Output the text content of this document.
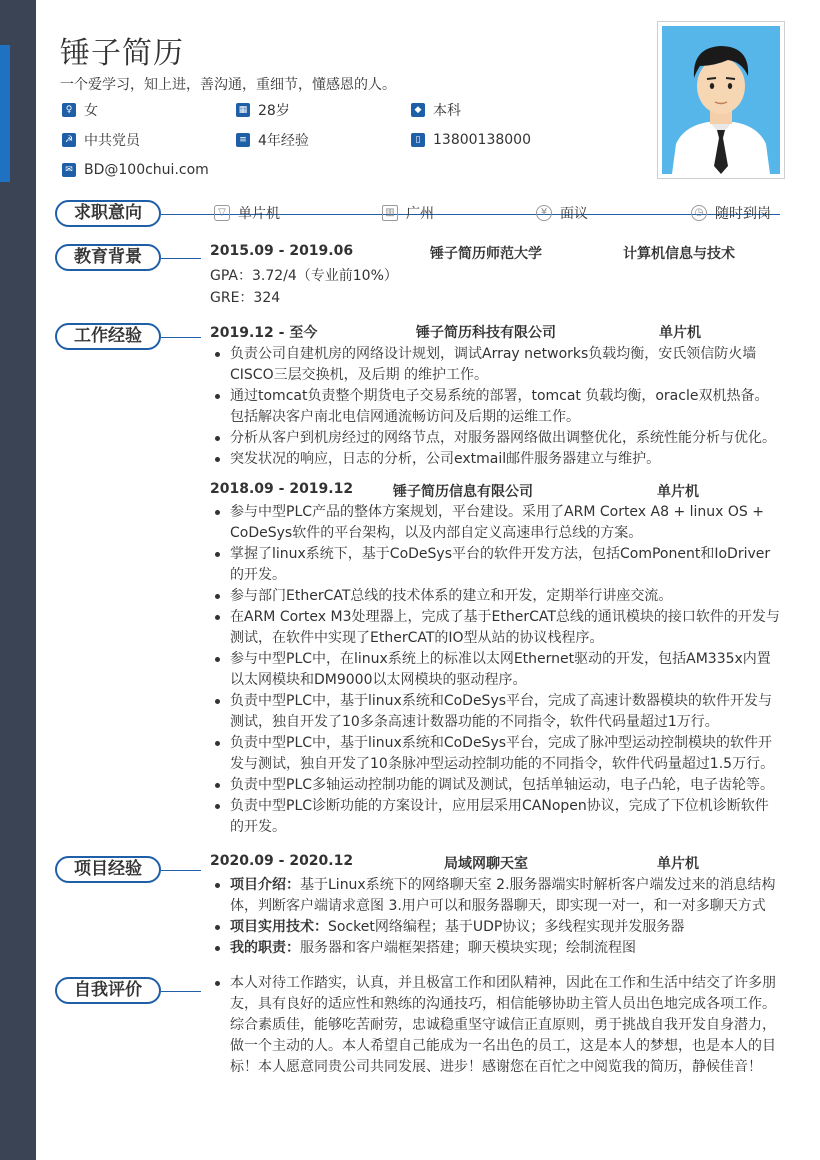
锤子简历
一个爱学习，知上进，善沟通，重细节，懂感恩的人。
♀ 女	▦ 28岁	◆ 本科
☭ 中共党员	≡ 4年经验	▯ 13800138000
✉ BD@100chui.com
求职意向	▽ 单片机	▥ 广州	¥ 面议	◷ 随时到岗
教育背景	2015.09 - 2019.06	锤子简历师范大学	计算机信息与技术
GPA：3.72/4（专业前10%）
GRE：324
工作经验	2019.12 - 至今	锤子简历科技有限公司	单片机
负责公司自建机房的网络设计规划，调试Array networks负载均衡，安氏领信防火墙 CISCO三层交换机，及后期 的维护工作。
通过tomcat负责整个期货电子交易系统的部署，tomcat 负载均衡，oracle双机热备。包括解决客户南北电信网通流畅访问及后期的运维工作。
分析从客户到机房经过的网络节点，对服务器网络做出调整优化，系统性能分析与优化。
突发状况的响应，日志的分析，公司extmail邮件服务器建立与维护。
2018.09 - 2019.12	锤子简历信息有限公司	单片机
参与中型PLC产品的整体方案规划，平台建设。采用了ARM Cortex A8 + linux OS + CoDeSys软件的平台架构，以及内部自定义高速串行总线的方案。
掌握了linux系统下，基于CoDeSys平台的软件开发方法，包括ComPonent和IoDriver的开发。
参与部门EtherCAT总线的技术体系的建立和开发，定期举行讲座交流。
在ARM Cortex M3处理器上，完成了基于EtherCAT总线的通讯模块的接口软件的开发与测试，在软件中实现了EtherCAT的IO型从站的协议栈程序。
参与中型PLC中，在linux系统上的标准以太网Ethernet驱动的开发，包括AM335x内置以太网模块和DM9000以太网模块的驱动程序。
负责中型PLC中，基于linux系统和CoDeSys平台，完成了高速计数器模块的软件开发与测试，独自开发了10多条高速计数器功能的不同指令，软件代码量超过1万行。
负责中型PLC中，基于linux系统和CoDeSys平台，完成了脉冲型运动控制模块的软件开发与测试，独自开发了10条脉冲型运动控制功能的不同指令，软件代码量超过1.5万行。
负责中型PLC多轴运动控制功能的调试及测试，包括单轴运动，电子凸轮，电子齿轮等。
负责中型PLC诊断功能的方案设计，应用层采用CANopen协议，完成了下位机诊断软件的开发。
项目经验	2020.09 - 2020.12	局域网聊天室	单片机
项目介绍：基于Linux系统下的网络聊天室 2.服务器端实时解析客户端发过来的消息结构体，判断客户端请求意图 3.用户可以和服务器聊天，即实现一对一，和一对多聊天方式
项目实用技术：Socket网络编程；基于UDP协议；多线程实现并发服务器
我的职责：服务器和客户端框架搭建；聊天模块实现；绘制流程图
自我评价	本人对待工作踏实，认真，并且极富工作和团队精神，因此在工作和生活中结交了许多朋友，具有良好的适应性和熟练的沟通技巧，相信能够协助主管人员出色地完成各项工作。综合素质佳，能够吃苦耐劳，忠诚稳重坚守诚信正直原则，勇于挑战自我开发自身潜力，做一个主动的人。本人希望自己能成为一名出色的员工，这是本人的梦想，也是本人的目标！本人愿意同贵公司共同发展、进步！感谢您在百忙之中阅览我的简历，静候佳音！
